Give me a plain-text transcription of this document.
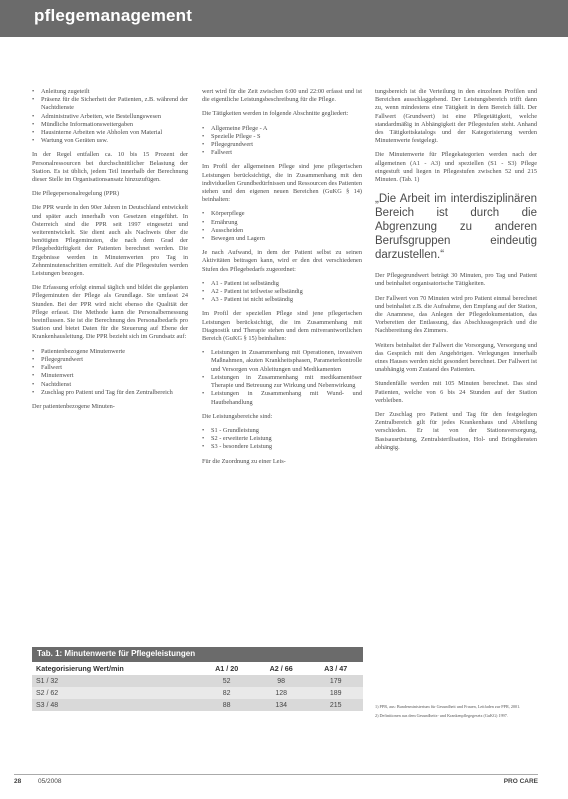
pflegemanagement
• Anleitung zugeteilt
• Präsenz für die Sicherheit der Patienten, z.B. während der Nachtdienste
• Administrative Arbeiten, wie Bestellungswesen
• Mündliche Informationsweitergaben
• Hausinterne Arbeiten wie Abholen von Material
• Wartung von Geräten usw.

In der Regel entfallen ca. 10 bis 15 Prozent der Personalressourcen bei durchschnittlicher Belastung der Station. Es ist üblich, jedem Teil innerhalb der Berechnung dieser Stelle im Organisationsansatz hinzuzufügen.

Die Pflegepersonalregelung (PPR)

Die PPR wurde in den 90er Jahren in Deutschland entwickelt und später auch innerhalb von Gesetzen eingeführt. In Österreich sind die PPR seit 1997 eingesetzt und weiterentwickelt. Sie dient auch als Nachweis über die benötigten Pflegeminuten, die nach dem Grad der Pflegebedürftigkeit der Patienten berechnet werden. Die Ergebnisse werden in Minutenwerten pro Tag in Zehnminutenschritten ermittelt. Auf die Pflegestufen werden Leistungen bezogen.

Die Erfassung erfolgt einmal täglich und bildet die geplanten Pflegeminuten der Pflege als Grundlage. Sie umfasst 24 Stunden. Bei der PPR wird nicht ebenso die Qualität der Pflege erfasst. Die Methode kann die Personalbemessung beeinflussen. Sie ist die Berechnung des Personalbedarfs pro Station und bietet Daten für die Steuerung auf Ebene der Krankenhausleitung. Die PPR bezieht sich im Grundsatz auf:

• Patientenbezogene Minutenwerte
• Pflegegrundwert
• Fallwert
• Minutenwert
• Nachtdienst
• Zuschlag pro Patient und Tag für den Zentralbereich

Der patientenbezogene Minuten-

wert wird für die Zeit zwischen 6:00 und 22:00 erfasst und ist die eigentliche Leistungsbeschreibung für die Pflege.

Die Tätigkeiten werden in folgende Abschnitte gegliedert:

• Allgemeine Pflege - A
• Spezielle Pflege - S
• Pflegegrundwert
• Fallwert

Im Profil der allgemeinen Pflege sind jene pflegerischen Leistungen berücksichtigt, die in Zusammenhang mit den individuellen Grundbedürfnissen und Ressourcen des Patienten stehen und den eigenen neuen Bereichen (GuKG § 14) beinhalten:

• Körperpflege
• Ernährung
• Ausscheiden
• Bewegen und Lagern

Je nach Aufwand, in dem der Patient selbst zu seinen Aktivitäten beitragen kann, wird er den drei verschiedenen Stufen des Pflegebedarfs zugeordnet:

• A1 - Patient ist selbständig
• A2 - Patient ist teilweise selbständig
• A3 - Patient ist nicht selbständig

Im Profil der speziellen Pflege sind jene pflegerischen Leistungen berücksichtigt, die im Zusammenhang mit Diagnostik und Therapie stehen und dem mitverantwortlichen Bereich (GuKG § 15) beinhalten:

• Leistungen in Zusammenhang mit Operationen, invasiven Maßnahmen, akuten Krankheitsphasen, Parameterkontrolle und Versorgen von Ableitungen und Medikamenten
• Leistungen in Zusammenhang mit medikamentöser Therapie und Betreuung zur Wirkung und Nebenwirkung
• Leistungen in Zusammenhang mit Wund- und Hautbehandlung

Die Leistungsbereiche sind:

• S1 - Grundleistung
• S2 - erweiterte Leistung
• S3 - besondere Leistung

Für die Zuordnung zu einer Leis-

tungsbereich ist die Verteilung in den einzelnen Profilen und Bereichen ausschlaggebend. Der Leistungsbereich trifft dann zu, wenn mindestens eine Tätigkeit in dem Bereich fällt. Der Fallwert (Grundwert) ist eine Pflegetätigkeit, welche standardmäßig in Abhängigkeit der Pflegestufen steht. Anhand des Tätigkeitskatalogs und der Kategorisierung werden Minutenwerte festgelegt.

Die Minutenwerte für Pflegekategorien werden nach der allgemeinen (A1 - A3) und speziellen (S1 - S3) Pflege eingestuft und liegen in Pflegestufen zwischen 52 und 215 Minuten. (Tab. 1)

„Die Arbeit im interdisziplinären Bereich ist durch die Abgrenzung zu anderen Berufsgruppen eindeutig darzustellen.“

Der Pflegegrundwert beträgt 30 Minuten, pro Tag und Patient und beinhaltet organisatorische Tätigkeiten.

Der Fallwert von 70 Minuten wird pro Patient einmal berechnet und beinhaltet z.B. die Aufnahme, den Empfang auf der Station, die Anamnese, das Anlegen der Pflegedokumentation, das Vorbereiten der Entlassung, das Abschlussgespräch und die Nachbereitung des Zimmers.

Weiters beinhaltet der Fallwert die Vorsorgung, Versorgung und das Gespräch mit den Angehörigen. Verlegungen innerhalb eines Hauses werden nicht gesondert berechnet. Der Fallwert ist unabhängig vom Zustand des Patienten.

Stundenfälle werden mit 105 Minuten berechnet. Das sind Patienten, welche von 6 bis 24 Stunden auf der Station verbleiben.

Der Zuschlag pro Patient und Tag für den festgelegten Zentralbereich gilt für jedes Krankenhaus und Abteilung verschieden. Er ist von der Stationsversorgung, Basisausrüstung, Zentralsterilisation, Hol- und Bringdiensten abhängig.

Tab. 1: Minutenwerte für Pflegeleistungen
Kategorisierung Wert/min	A1 / 20	A2 / 66	A3 / 47
S1 / 32	52	98	179
S2 / 62	82	128	189
S3 / 48	88	134	215	1) PPR, aus: Bundesministerium für Gesundheit und Frauen, Leitfaden zur PPR, 2001.

2) Definitionen aus dem Gesundheits- und Krankenpflegegesetz (GuKG) 1997.

28	05/2008	PRO CARE
